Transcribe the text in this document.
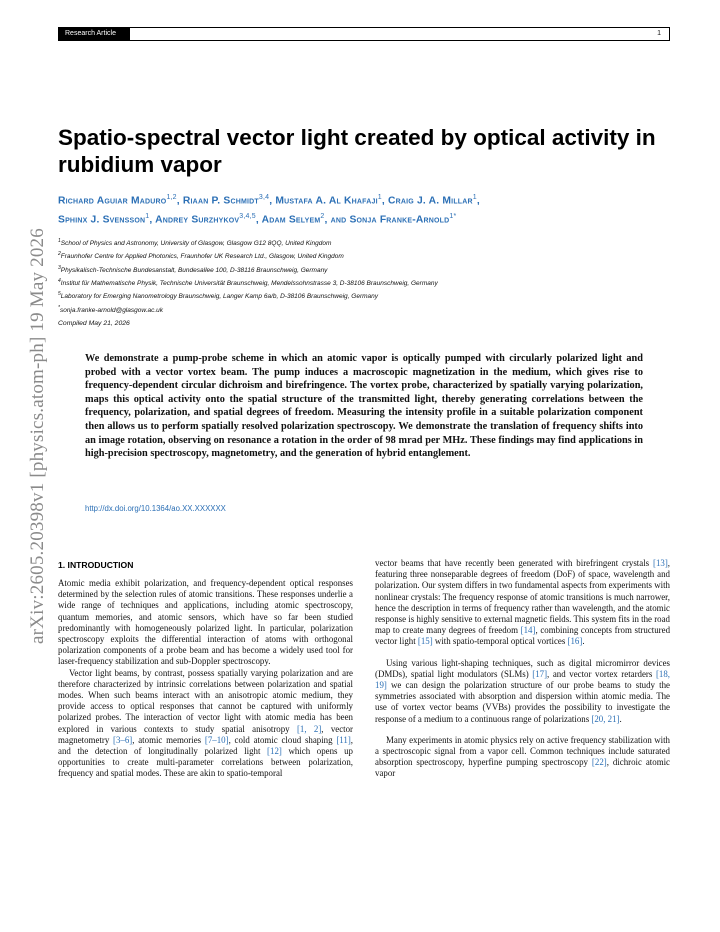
Research Article	1
arXiv:2605.20398v1 [physics.atom-ph] 19 May 2026
Spatio-spectral vector light created by optical activity in rubidium vapor
Richard Aguiar Maduro$^{1,2}$, Riaan P. Schmidt$^{3,4}$, Mustafa A. Al Khafaji$^1$, Craig J. A. Millar$^1$,
Sphinx J. Svensson$^1$, Andrey Surzhykov$^{3,4,5}$, Adam Selyem$^2$, and Sonja Franke-Arnold$^{1*}$
$^1$School of Physics and Astronomy, University of Glasgow, Glasgow G12 8QQ, United Kingdom
$^2$Fraunhofer Centre for Applied Photonics, Fraunhofer UK Research Ltd., Glasgow, United Kingdom
$^3$Physikalisch-Technische Bundesanstalt, Bundesallee 100, D-38116 Braunschweig, Germany
$^4$Institut für Mathematische Physik, Technische Universität Braunschweig, Mendelssohnstrasse 3, D-38106 Braunschweig, Germany
$^5$Laboratory for Emerging Nanometrology Braunschweig, Langer Kamp 6a/b, D-38106 Braunschweig, Germany
*sonja.franke-arnold@glasgow.ac.uk
Compiled May 21, 2026
We demonstrate a pump-probe scheme in which an atomic vapor is optically pumped with circularly polarized light and probed with a vector vortex beam. The pump induces a macroscopic magnetization in the medium, which gives rise to frequency-dependent circular dichroism and birefringence. The vortex probe, characterized by spatially varying polarization, maps this optical activity onto the spatial structure of the transmitted light, thereby generating correlations between the frequency, polarization, and spatial degrees of freedom. Measuring the intensity profile in a suitable polarization component then allows us to perform spatially resolved polarization spectroscopy. We demonstrate the translation of frequency shifts into an image rotation, observing on resonance a rotation in the order of 98 mrad per MHz. These findings may find applications in high-precision spectroscopy, magnetometry, and the generation of hybrid entanglement.
http://dx.doi.org/10.1364/ao.XX.XXXXXX
1. INTRODUCTION

Atomic media exhibit polarization, and frequency-dependent optical responses determined by the selection rules of atomic transitions. These responses underlie a wide range of techniques and applications, including atomic spectroscopy, quantum memories, and atomic sensors, which have so far been studied predominantly with homogeneously polarized light. In particular, polarization spectroscopy exploits the differential interaction of atoms with orthogonal polarization components of a probe beam and has become a widely used tool for laser-frequency stabilization and sub-Doppler spectroscopy.

Vector light beams, by contrast, possess spatially varying polarization and are therefore characterized by intrinsic correlations between polarization and spatial modes. When such beams interact with an anisotropic atomic medium, they provide access to optical responses that cannot be captured with uniformly polarized probes. The interaction of vector light with atomic media has been explored in various contexts to study spatial anisotropy [1, 2], vector magnetometry [3–6], atomic memories [7–10], cold atomic cloud shaping [11], and the detection of longitudinally polarized light [12] which opens up opportunities to create multi-parameter correlations between polarization, frequency and spatial modes. These are akin to spatio-temporal

vector beams that have recently been generated with birefringent crystals [13], featuring three nonseparable degrees of freedom (DoF) of space, wavelength and polarization. Our system differs in two fundamental aspects from experiments with nonlinear crystals: The frequency response of atomic transitions is much narrower, hence the description in terms of frequency rather than wavelength, and the atomic response is highly sensitive to external magnetic fields. This system fits in the road map to create many degrees of freedom [14], combining concepts from structured vector light [15] with spatio-temporal optical vortices [16].

Using various light-shaping techniques, such as digital micromirror devices (DMDs), spatial light modulators (SLMs) [17], and vector vortex retarders [18, 19] we can design the polarization structure of our probe beams to study the symmetries associated with absorption and dispersion within atomic media. The use of vortex vector beams (VVBs) provides the possibility to investigate the response of a medium to a continuous range of polarizations [20, 21].

Many experiments in atomic physics rely on active frequency stabilization with a spectroscopic signal from a vapor cell. Common techniques include saturated absorption spectroscopy, hyperfine pumping spectroscopy [22], dichroic atomic vapor
